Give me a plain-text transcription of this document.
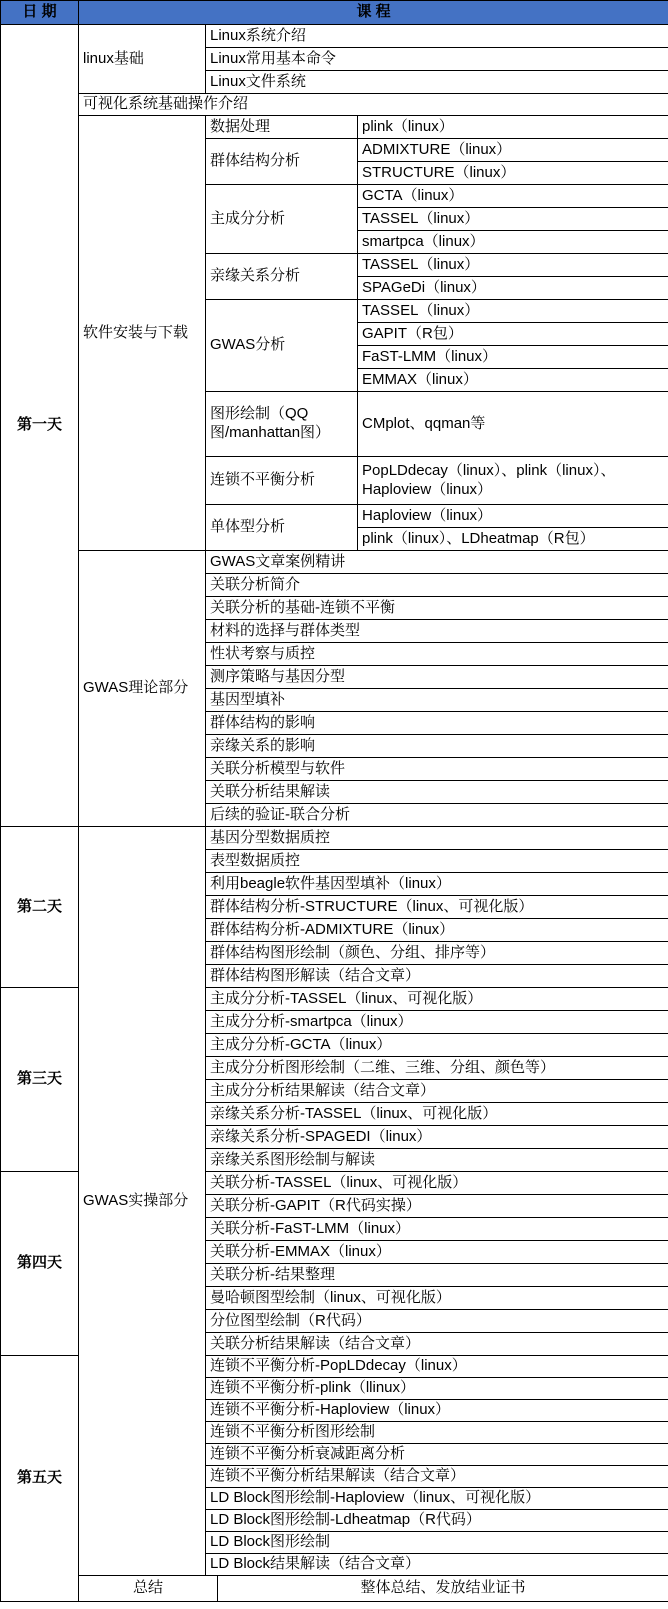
日 期	课 程			
第一天	linux基础	Linux系统介绍		
		Linux常用基本命令		
		Linux文件系统		
	可视化系统基础操作介绍			
	软件安装与下载	数据处理		plink（linux）
		群体结构分析		ADMIXTURE（linux）
				STRUCTURE（linux）
		主成分分析		GCTA（linux）
				TASSEL（linux）
				smartpca（linux）
		亲缘关系分析		TASSEL（linux）
				SPAGeDi（linux）
		GWAS分析		TASSEL（linux）
				GAPIT（R包）
				FaST-LMM（linux）
				EMMAX（linux）
		图形绘制（QQ图/manhattan图）		CMplot、qqman等
		连锁不平衡分析		PopLDdecay（linux）、plink（linux）、Haploview（linux）
		单体型分析		Haploview（linux）
				plink（linux）、LDheatmap（R包）
	GWAS理论部分	GWAS文章案例精讲		
		关联分析简介		
		关联分析的基础-连锁不平衡		
		材料的选择与群体类型		
		性状考察与质控		
		测序策略与基因分型		
		基因型填补		
		群体结构的影响		
		亲缘关系的影响		
		关联分析模型与软件		
		关联分析结果解读		
		后续的验证-联合分析		
第二天	GWAS实操部分	基因分型数据质控		
		表型数据质控		
		利用beagle软件基因型填补（linux）		
		群体结构分析-STRUCTURE（linux、可视化版）		
		群体结构分析-ADMIXTURE（linux）		
		群体结构图形绘制（颜色、分组、排序等）		
		群体结构图形解读（结合文章）		
第三天		主成分分析-TASSEL（linux、可视化版）		
		主成分分析-smartpca（linux）		
		主成分分析-GCTA（linux）		
		主成分分析图形绘制（二维、三维、分组、颜色等）		
		主成分分析结果解读（结合文章）		
		亲缘关系分析-TASSEL（linux、可视化版）		
		亲缘关系分析-SPAGEDI（linux）		
		亲缘关系图形绘制与解读		
第四天		关联分析-TASSEL（linux、可视化版）		
		关联分析-GAPIT（R代码实操）		
		关联分析-FaST-LMM（linux）		
		关联分析-EMMAX（linux）		
		关联分析-结果整理		
		曼哈顿图型绘制（linux、可视化版）		
		分位图型绘制（R代码）		
		关联分析结果解读（结合文章）		
第五天		连锁不平衡分析-PopLDdecay（linux）		
		连锁不平衡分析-plink（llinux）		
		连锁不平衡分析-Haploview（linux）		
		连锁不平衡分析图形绘制		
		连锁不平衡分析衰减距离分析		
		连锁不平衡分析结果解读（结合文章）		
		LD Block图形绘制-Haploview（linux、可视化版）		
		LD Block图形绘制-Ldheatmap（R代码）		
		LD Block图形绘制		
		LD Block结果解读（结合文章）		
	总结		整体总结、发放结业证书	
